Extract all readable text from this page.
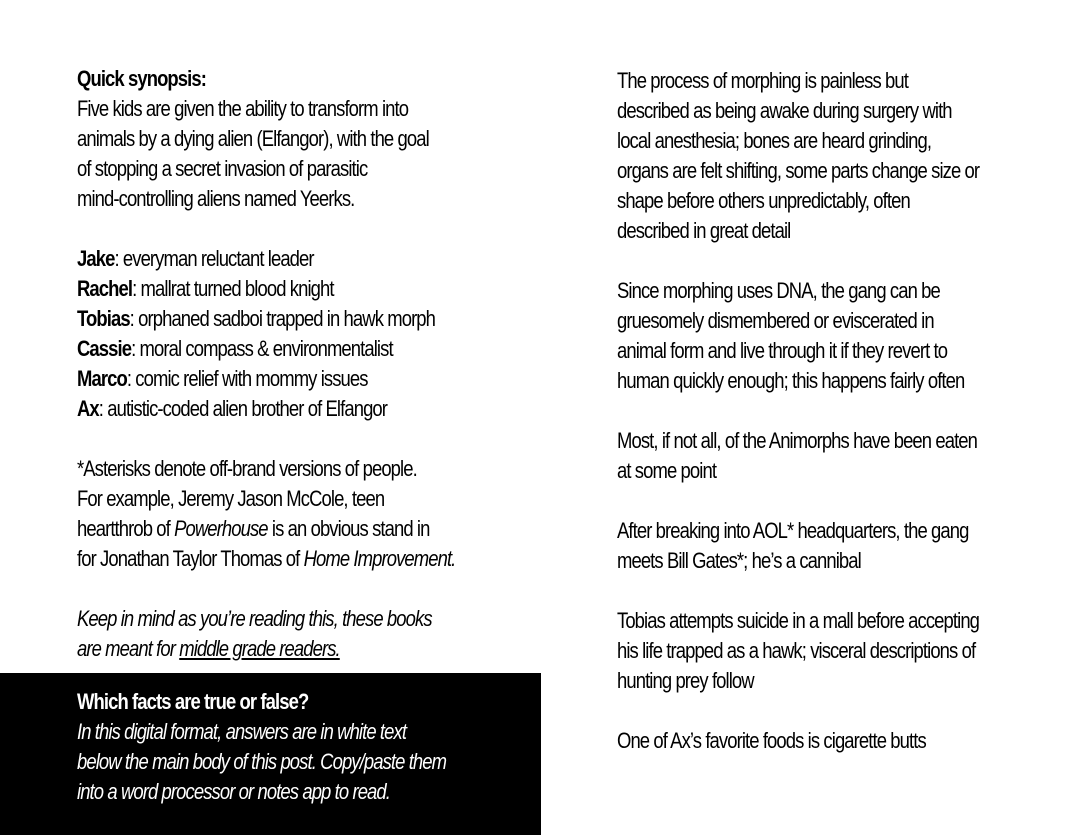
Quick synopsis:
Five kids are given the ability to transform into
animals by a dying alien (Elfangor), with the goal
of stopping a secret invasion of parasitic
mind-controlling aliens named Yeerks.
Jake: everyman reluctant leader
Rachel: mallrat turned blood knight
Tobias: orphaned sadboi trapped in hawk morph
Cassie: moral compass & environmentalist
Marco: comic relief with mommy issues
Ax: autistic-coded alien brother of Elfangor
*Asterisks denote off-brand versions of people.
For example, Jeremy Jason McCole, teen
heartthrob of Powerhouse is an obvious stand in
for Jonathan Taylor Thomas of Home Improvement.
Keep in mind as you’re reading this, these books
are meant for middle grade readers.
Which facts are true or false?
In this digital format, answers are in white text
below the main body of this post. Copy/paste them
into a word processor or notes app to read.
The process of morphing is painless but
described as being awake during surgery with
local anesthesia; bones are heard grinding,
organs are felt shifting, some parts change size or
shape before others unpredictably, often
described in great detail
Since morphing uses DNA, the gang can be
gruesomely dismembered or eviscerated in
animal form and live through it if they revert to
human quickly enough; this happens fairly often
Most, if not all, of the Animorphs have been eaten
at some point
After breaking into AOL* headquarters, the gang
meets Bill Gates*; he’s a cannibal
Tobias attempts suicide in a mall before accepting
his life trapped as a hawk; visceral descriptions of
hunting prey follow
One of Ax’s favorite foods is cigarette butts
